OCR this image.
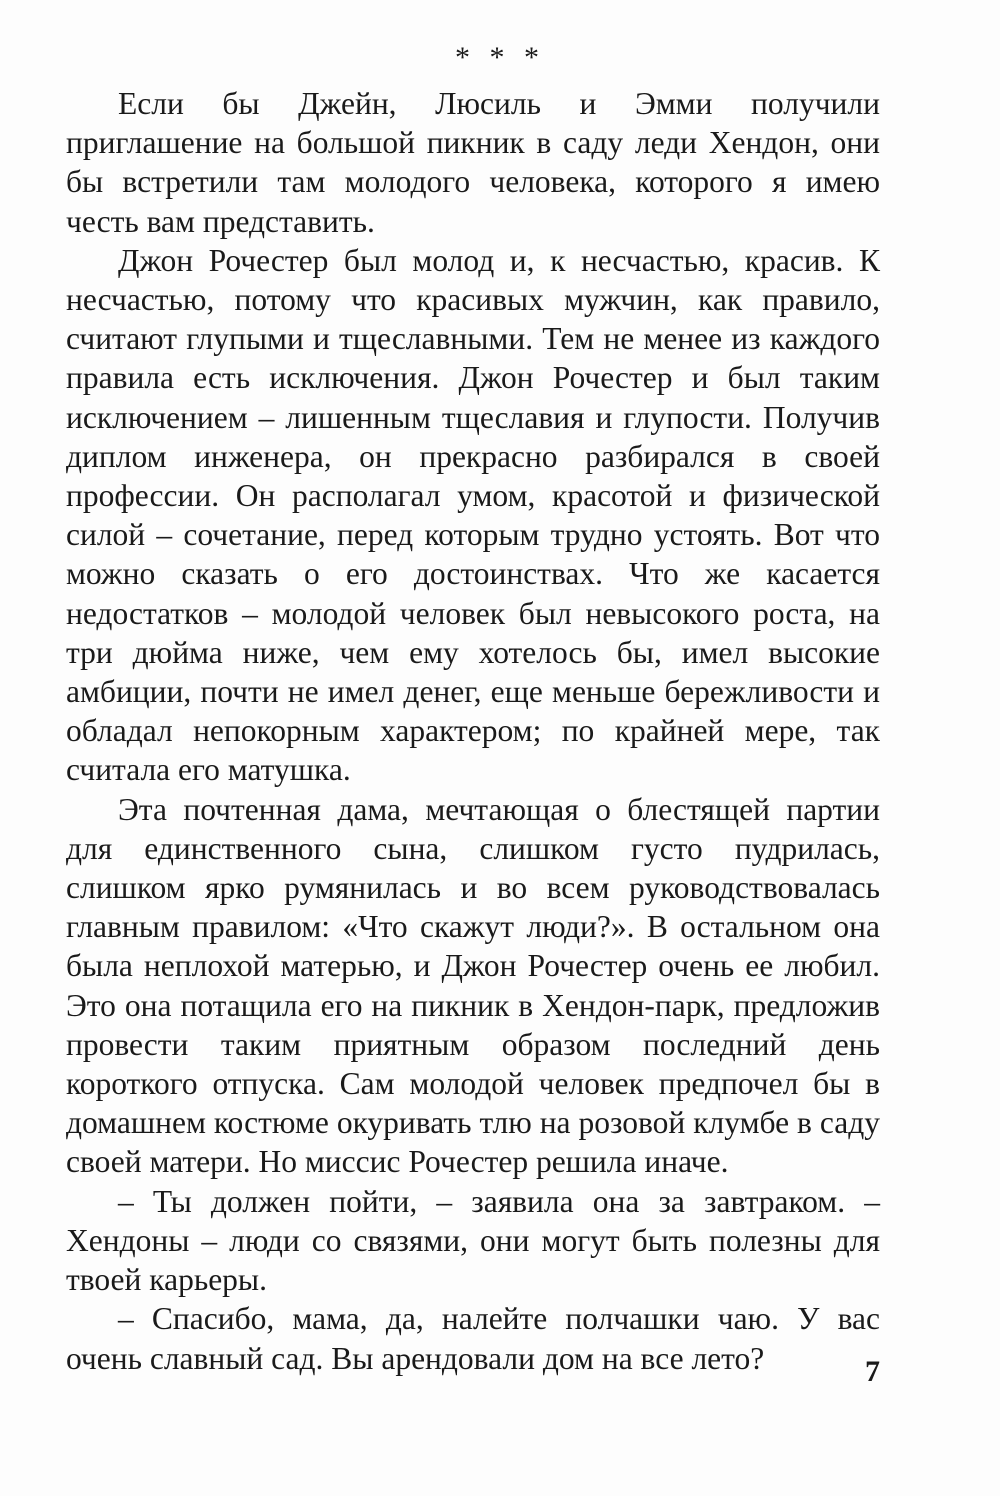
* * *

Если бы Джейн, Люсиль и Эмми получили приглашение на большой пикник в саду леди Хендон, они бы встретили там молодого человека, которого я имею честь вам представить.

Джон Рочестер был молод и, к несчастью, красив. К несчастью, потому что красивых мужчин, как правило, считают глупыми и тщеславными. Тем не менее из каждого правила есть исключения. Джон Рочестер и был таким исключением – лишенным тщеславия и глупости. Получив диплом инженера, он прекрасно разбирался в своей профессии. Он располагал умом, красотой и физической силой – сочетание, перед которым трудно устоять. Вот что можно сказать о его достоинствах. Что же касается недостатков – молодой человек был невысокого роста, на три дюйма ниже, чем ему хотелось бы, имел высокие амбиции, почти не имел денег, еще меньше бережливости и обладал непокорным характером; по крайней мере, так считала его матушка.

Эта почтенная дама, мечтающая о блестящей партии для единственного сына, слишком густо пудрилась, слишком ярко румянилась и во всем руководствовалась главным правилом: «Что скажут люди?». В остальном она была неплохой матерью, и Джон Рочестер очень ее любил. Это она потащила его на пикник в Хендон-парк, предложив провести таким приятным образом последний день короткого отпуска. Сам молодой человек предпочел бы в домашнем костюме окуривать тлю на розовой клумбе в саду своей матери. Но миссис Рочестер решила иначе.

– Ты должен пойти, – заявила она за завтраком. – Хендоны – люди со связями, они могут быть полезны для твоей карьеры.

– Спасибо, мама, да, налейте полчашки чаю. У вас очень славный сад. Вы арендовали дом на все лето?	7
